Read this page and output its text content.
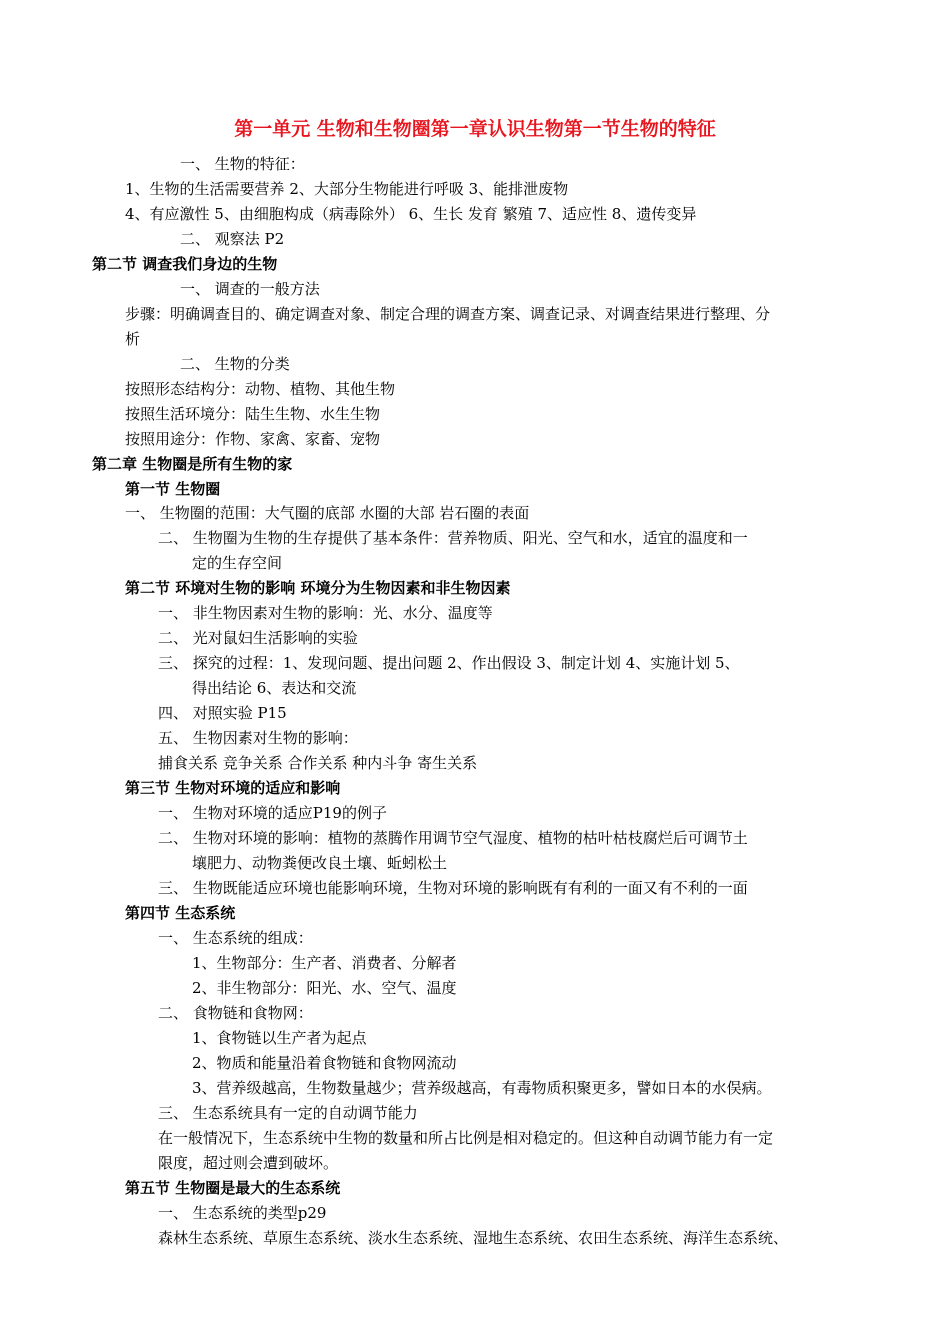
第一单元 生物和生物圈第一章认识生物第一节生物的特征
一、 生物的特征：
1、生物的生活需要营养 2、大部分生物能进行呼吸 3、能排泄废物
4、有应激性 5、由细胞构成（病毒除外） 6、生长 发育 繁殖 7、适应性 8、遗传变异
二、 观察法 P2
第二节 调查我们身边的生物
一、 调查的一般方法
步骤：明确调查目的、确定调查对象、制定合理的调查方案、调查记录、对调查结果进行整理、分
析
二、 生物的分类
按照形态结构分：动物、植物、其他生物
按照生活环境分：陆生生物、水生生物
按照用途分：作物、家禽、家畜、宠物
第二章 生物圈是所有生物的家
第一节 生物圈
一、 生物圈的范围：大气圈的底部 水圈的大部 岩石圈的表面
二、 生物圈为生物的生存提供了基本条件：营养物质、阳光、空气和水，适宜的温度和一
定的生存空间
第二节 环境对生物的影响 环境分为生物因素和非生物因素
一、 非生物因素对生物的影响：光、水分、温度等
二、 光对鼠妇生活影响的实验
三、 探究的过程：1、发现问题、提出问题 2、作出假设 3、制定计划 4、实施计划 5、
得出结论 6、表达和交流
四、 对照实验 P15
五、 生物因素对生物的影响：
捕食关系 竞争关系 合作关系 种内斗争 寄生关系
第三节 生物对环境的适应和影响
一、 生物对环境的适应P19的例子
二、 生物对环境的影响：植物的蒸腾作用调节空气湿度、植物的枯叶枯枝腐烂后可调节土
壤肥力、动物粪便改良土壤、蚯蚓松土
三、 生物既能适应环境也能影响环境，生物对环境的影响既有有利的一面又有不利的一面
第四节 生态系统
一、 生态系统的组成：
1、生物部分：生产者、消费者、分解者
2、非生物部分：阳光、水、空气、温度
二、 食物链和食物网：
1、食物链以生产者为起点
2、物质和能量沿着食物链和食物网流动
3、营养级越高，生物数量越少；营养级越高，有毒物质积聚更多，譬如日本的水俣病。
三、 生态系统具有一定的自动调节能力
在一般情况下，生态系统中生物的数量和所占比例是相对稳定的。但这种自动调节能力有一定
限度，超过则会遭到破坏。
第五节 生物圈是最大的生态系统
一、 生态系统的类型p29
森林生态系统、草原生态系统、淡水生态系统、湿地生态系统、农田生态系统、海洋生态系统、
